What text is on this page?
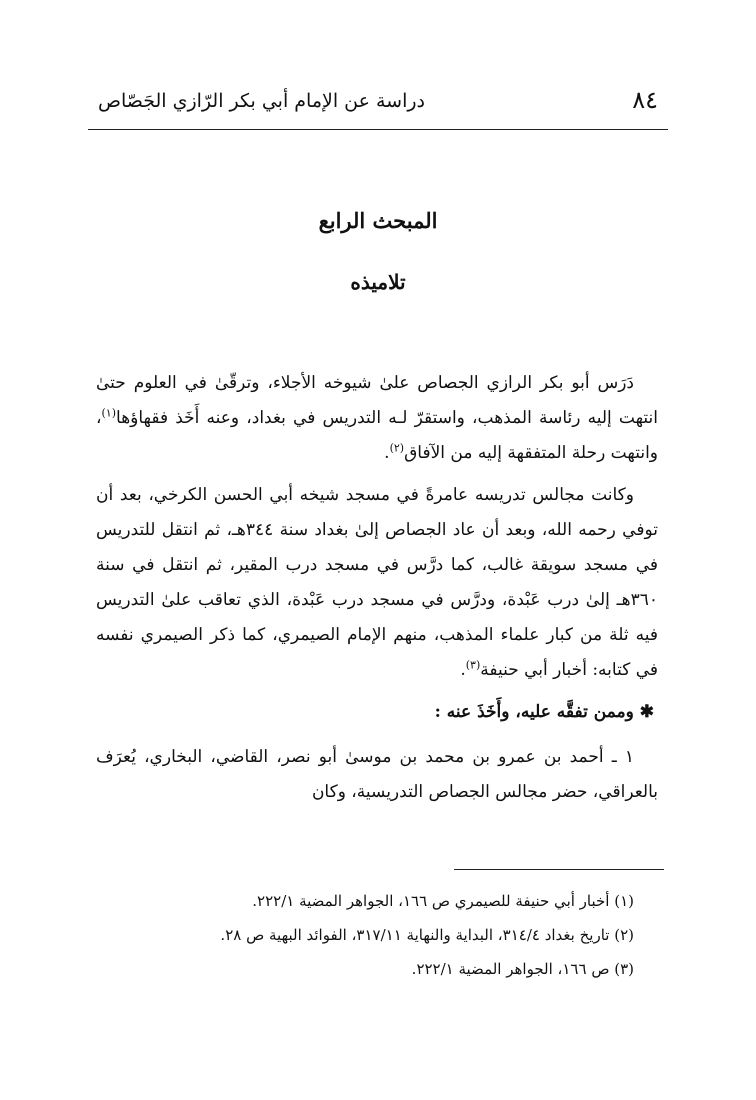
٨٤
دراسة عن الإمام أبي بكر الرّازي الجَصّاص
المبحث الرابع
تلاميذه

دَرَس أبو بكر الرازي الجصاص علىٰ شيوخه الأجلاء، وترقّىٰ في العلوم حتىٰ انتهت إليه رئاسة المذهب، واستقرّ لـه التدريس في بغداد، وعنه أَخَذ فقهاؤها$^{(١)}$، وانتهت رحلة المتفقهة إليه من الآفاق$^{(٢)}$.

وكانت مجالس تدريسه عامرةً في مسجد شيخه أبي الحسن الكرخي، بعد أن توفي رحمه الله، وبعد أن عاد الجصاص إلىٰ بغداد سنة ٣٤٤هـ، ثم انتقل للتدريس في مسجد سويقة غالب، كما درَّس في مسجد درب المقير، ثم انتقل في سنة ٣٦٠هـ إلىٰ درب عَبْدة، ودرَّس في مسجد درب عَبْدة، الذي تعاقب علىٰ التدريس فيه ثلة من كبار علماء المذهب، منهم الإمام الصيمري، كما ذكر الصيمري نفسه في كتابه: أخبار أبي حنيفة$^{(٣)}$.

✱ وممن تفقَّه عليه، وأَخَذَ عنه :

١ ـ أحمد بن عمرو بن محمد بن موسىٰ أبو نصر، القاضي، البخاري، يُعرَف بالعراقي، حضر مجالس الجصاص التدريسية، وكان

(١) أخبار أبي حنيفة للصيمري ص ١٦٦، الجواهر المضية ٢٢٢/١.

(٢) تاريخ بغداد ٣١٤/٤، البداية والنهاية ٣١٧/١١، الفوائد البهية ص ٢٨.

(٣) ص ١٦٦، الجواهر المضية ٢٢٢/١.
